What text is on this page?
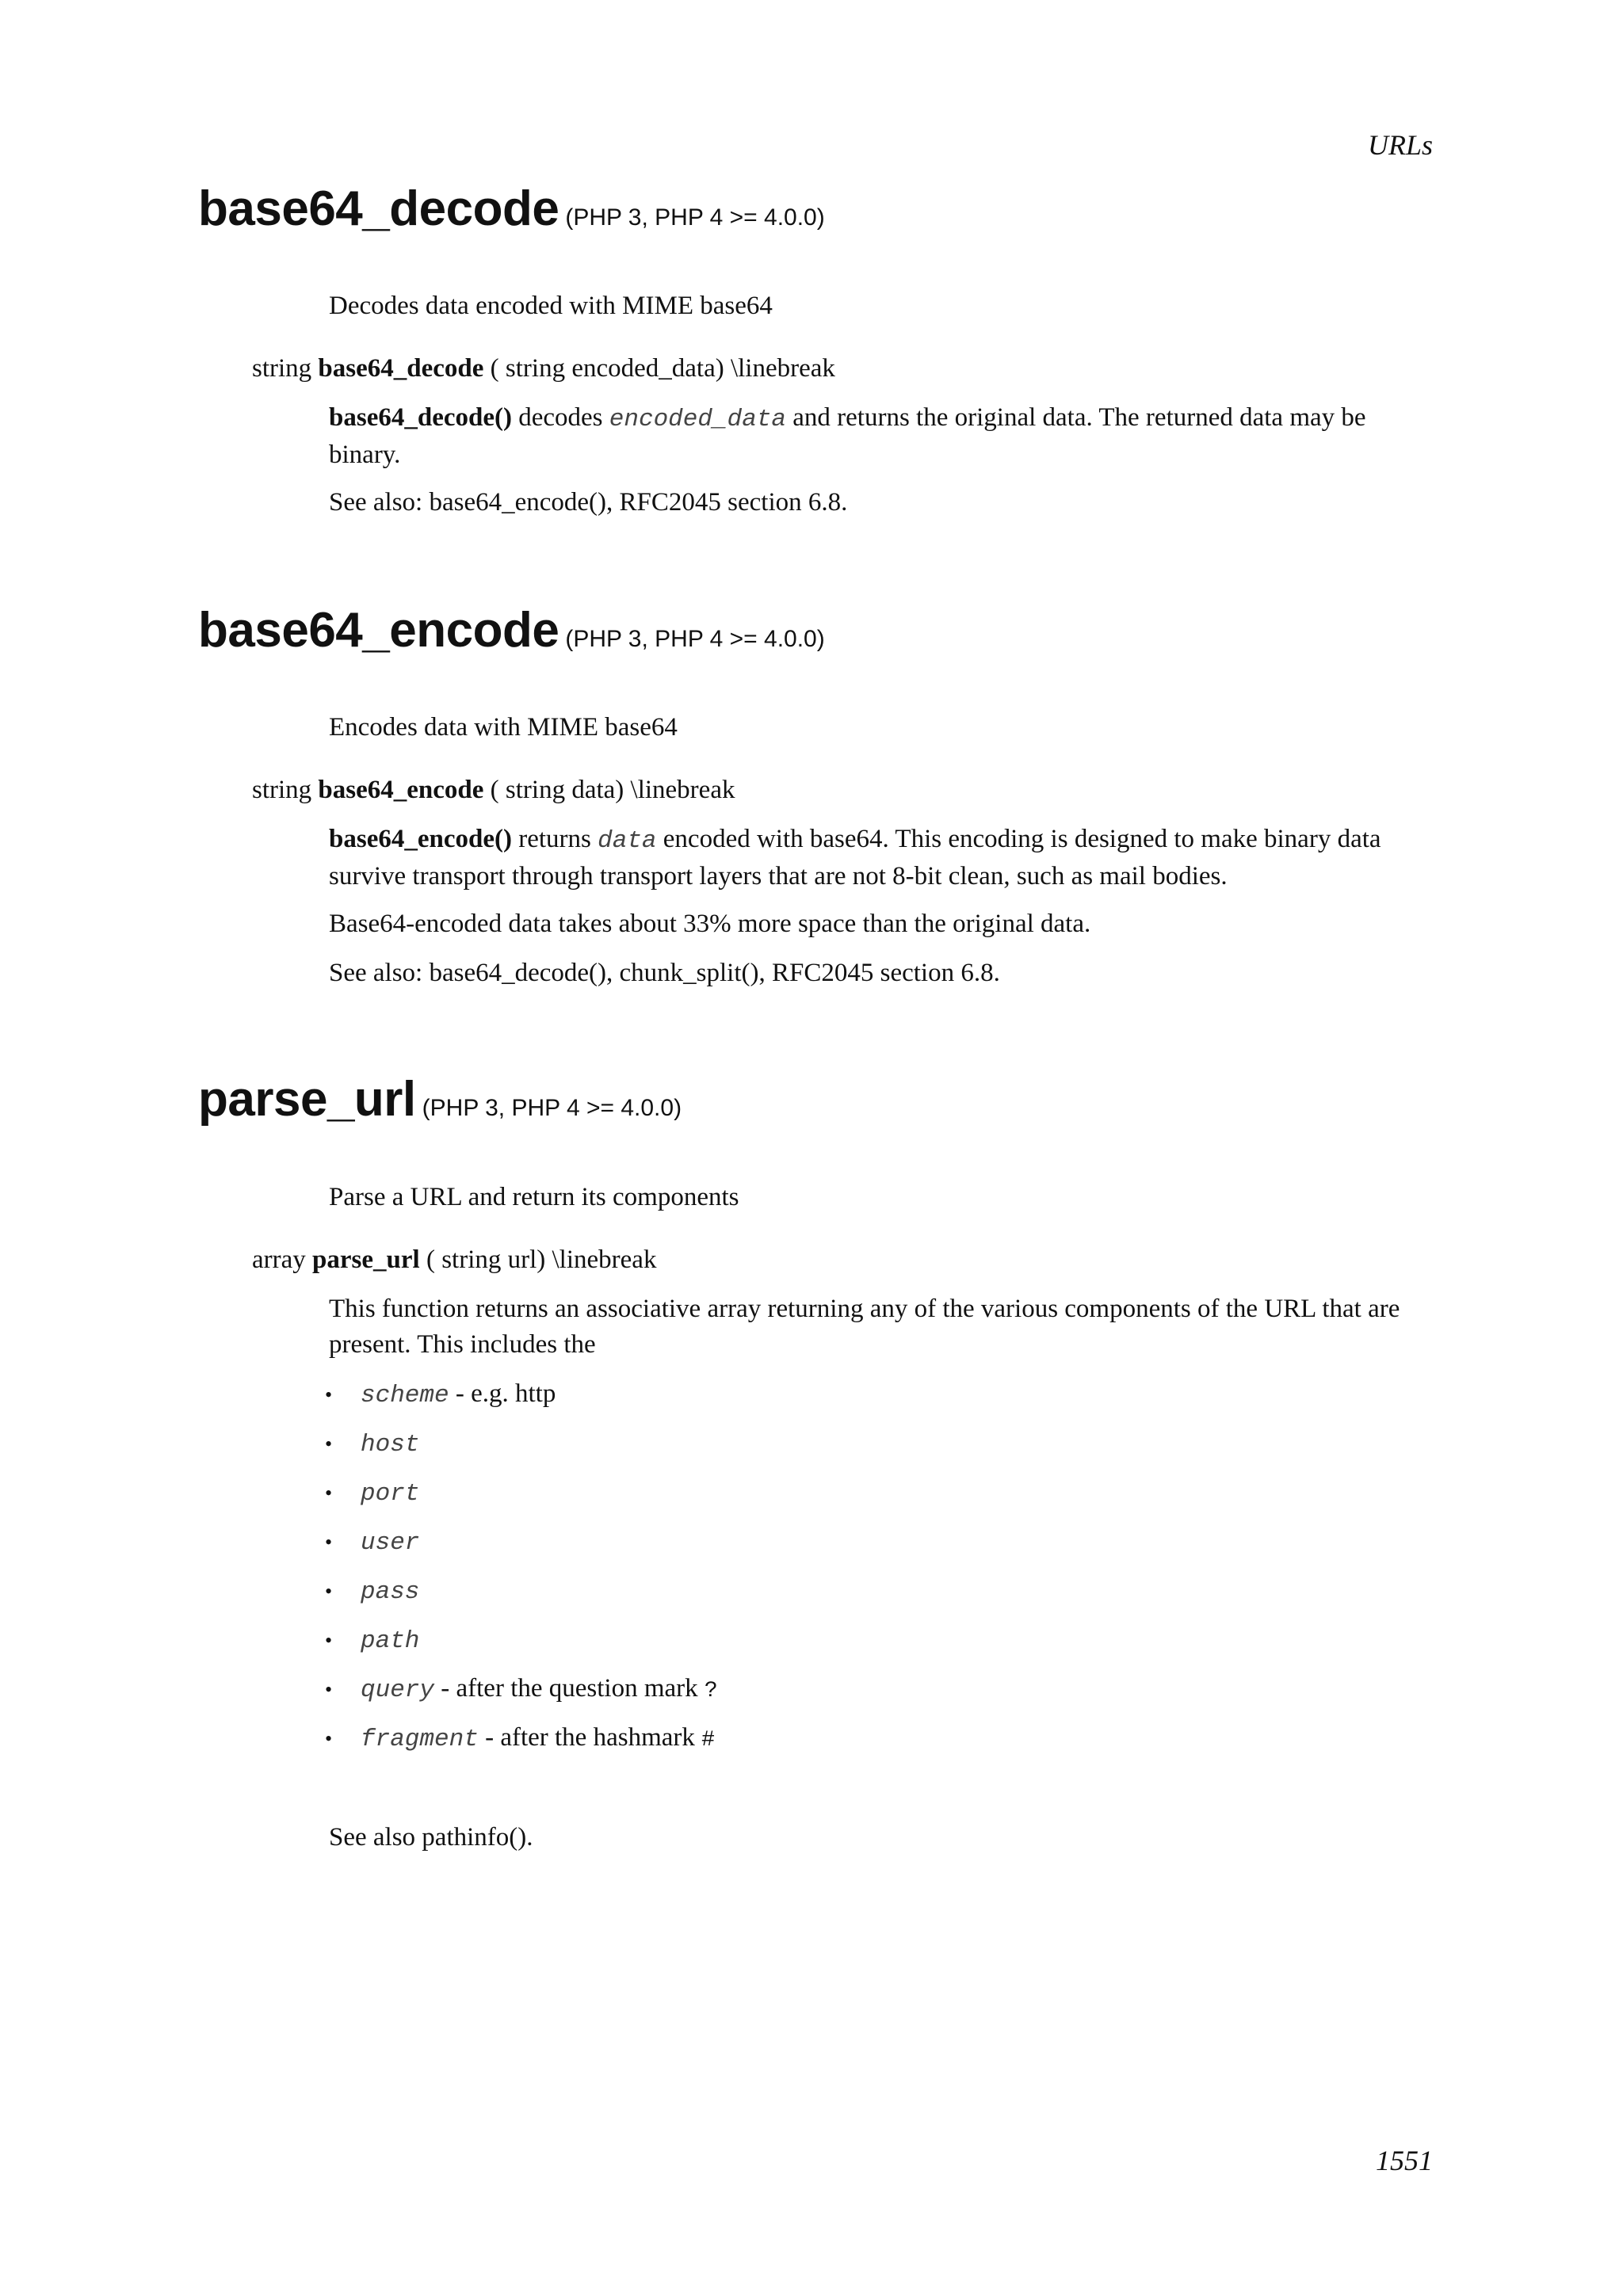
URLs
base64_decode (PHP 3, PHP 4 >= 4.0.0)
Decodes data encoded with MIME base64
string base64_decode ( string encoded_data) \linebreak
base64_decode() decodes encoded_data and returns the original data. The returned data may be binary.
See also: base64_encode(), RFC2045 section 6.8.
base64_encode (PHP 3, PHP 4 >= 4.0.0)
Encodes data with MIME base64
string base64_encode ( string data) \linebreak
base64_encode() returns data encoded with base64. This encoding is designed to make binary data survive transport through transport layers that are not 8-bit clean, such as mail bodies.
Base64-encoded data takes about 33% more space than the original data.
See also: base64_decode(), chunk_split(), RFC2045 section 6.8.
parse_url (PHP 3, PHP 4 >= 4.0.0)
Parse a URL and return its components
array parse_url ( string url) \linebreak
This function returns an associative array returning any of the various components of the URL that are present. This includes the
• scheme - e.g. http
• host
• port
• user
• pass
• path
• query - after the question mark ?
• fragment - after the hashmark #
See also pathinfo().
1551
